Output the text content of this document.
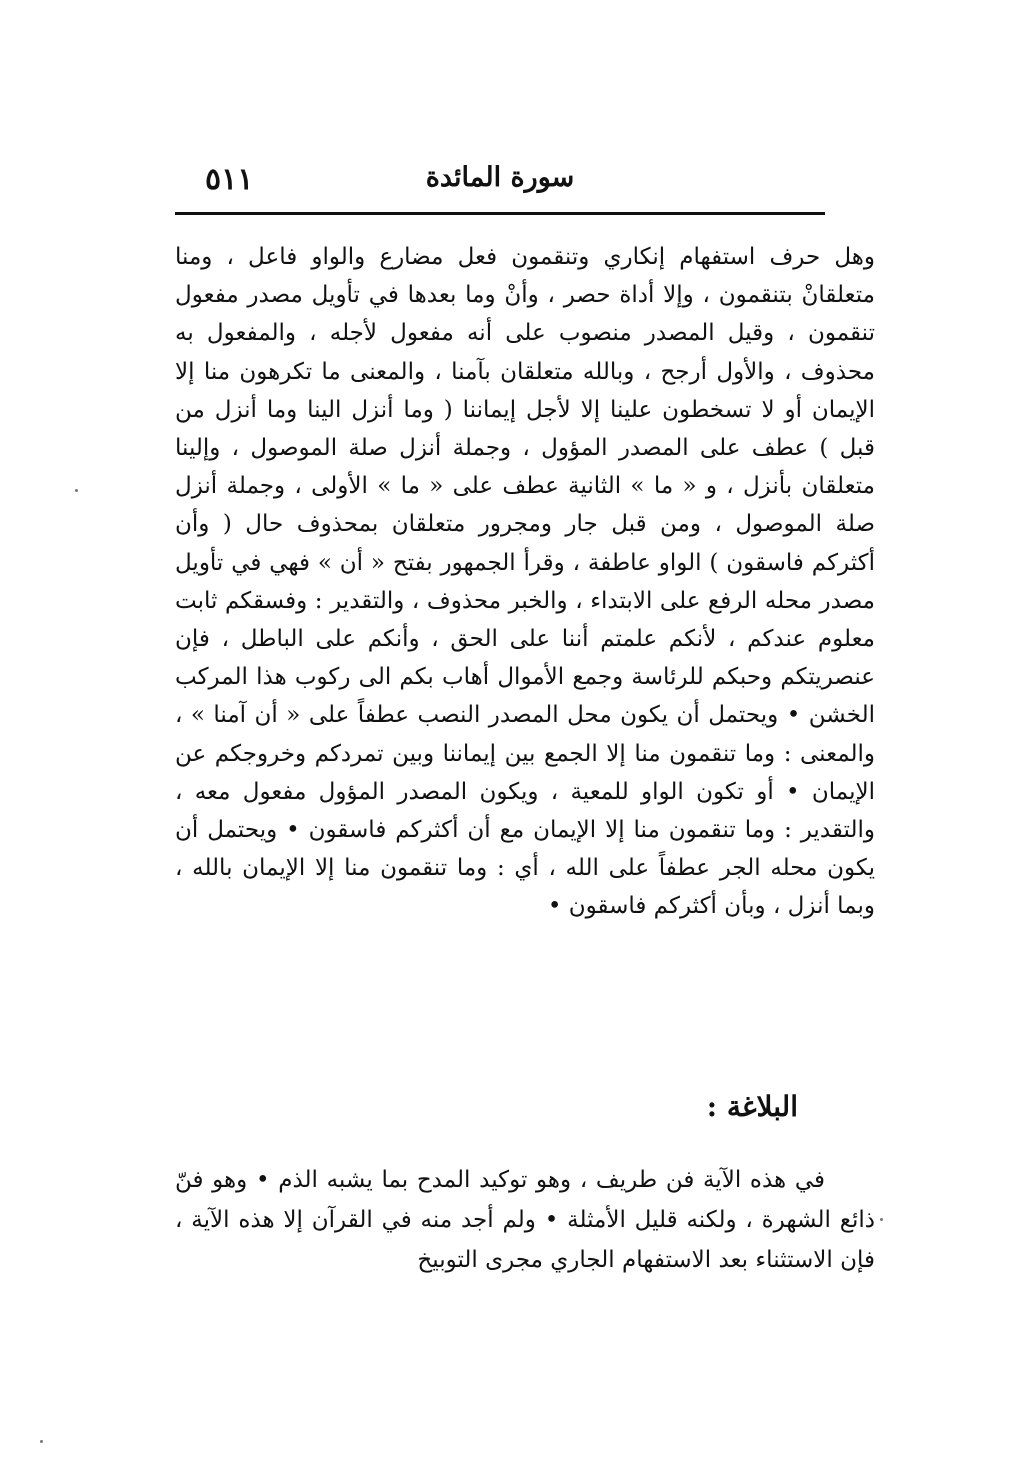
٥١١	سورة المائدة

وهل حرف استفهام إنكاري وتنقمون فعل مضارع والواو فاعل ، ومنا متعلقانْ بتنقمون ، وإلا أداة حصر ، وأنْ وما بعدها في تأويل مصدر مفعول تنقمون ، وقيل المصدر منصوب على أنه مفعول لأجله ، والمفعول به محذوف ، والأول أرجح ، وبالله متعلقان بآمنا ، والمعنى ما تكرهون منا إلا الإيمان أو لا تسخطون علينا إلا لأجل إيماننا ( وما أنزل الينا وما أنزل من قبل ) عطف على المصدر المؤول ، وجملة أنزل صلة الموصول ، وإلينا متعلقان بأنزل ، و « ما » الثانية عطف على « ما » الأولى ، وجملة أنزل صلة الموصول ، ومن قبل جار ومجرور متعلقان بمحذوف حال ( وأن أكثركم فاسقون ) الواو عاطفة ، وقرأ الجمهور بفتح « أن » فهي في تأويل مصدر محله الرفع على الابتداء ، والخبر محذوف ، والتقدير : وفسقكم ثابت معلوم عندكم ، لأنكم علمتم أننا على الحق ، وأنكم على الباطل ، فإن عنصريتكم وحبكم للرئاسة وجمع الأموال أهاب بكم الى ركوب هذا المركب الخشن • ويحتمل أن يكون محل المصدر النصب عطفاً على « أن آمنا » ، والمعنى : وما تنقمون منا إلا الجمع بين إيماننا وبين تمردكم وخروجكم عن الإيمان • أو تكون الواو للمعية ، ويكون المصدر المؤول مفعول معه ، والتقدير : وما تنقمون منا إلا الإيمان مع أن أكثركم فاسقون • ويحتمل أن يكون محله الجر عطفاً على الله ، أي : وما تنقمون منا إلا الإيمان بالله ، وبما أنزل ، وبأن أكثركم فاسقون •

البلاغة :

في هذه الآية فن طريف ، وهو توكيد المدح بما يشبه الذم • وهو فنّ ذائع الشهرة ، ولكنه قليل الأمثلة • ولم أجد منه في القرآن إلا هذه الآية ، فإن الاستثناء بعد الاستفهام الجاري مجرى التوبيخ
